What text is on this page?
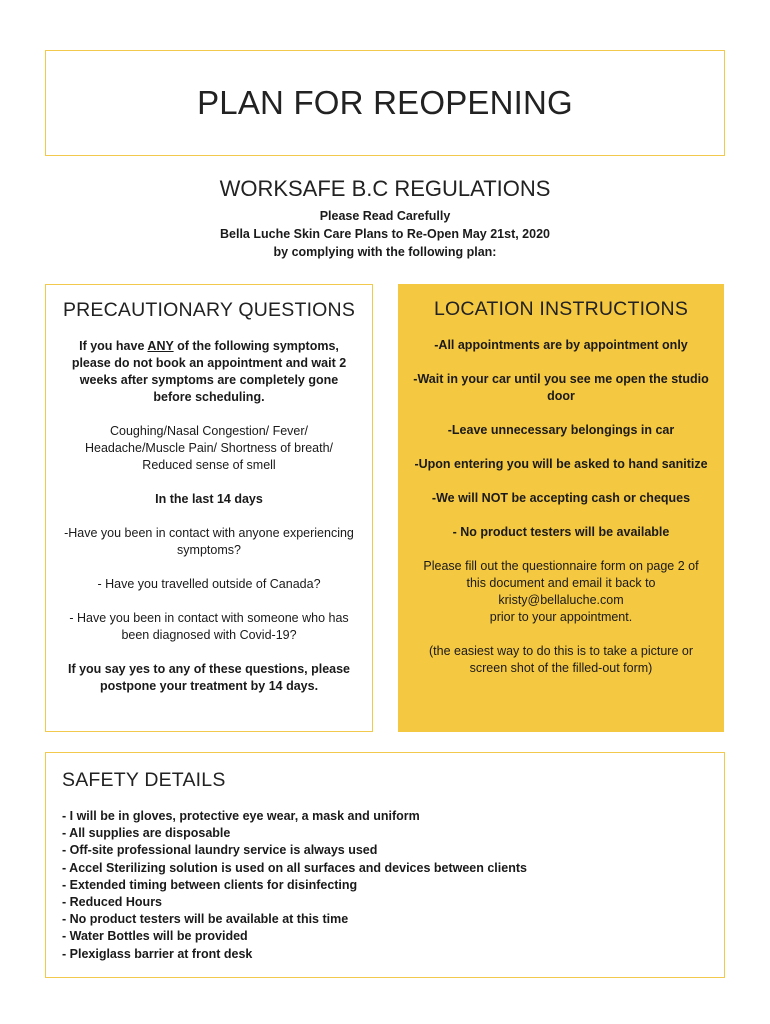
PLAN FOR REOPENING
WORKSAFE B.C REGULATIONS

Please Read Carefully

Bella Luche Skin Care Plans to Re-Open May 21st, 2020

by complying with the following plan:

PRECAUTIONARY QUESTIONS

If you have ANY of the following symptoms, please do not book an appointment and wait 2 weeks after symptoms are completely gone before scheduling.

Coughing/Nasal Congestion/ Fever/ Headache/Muscle Pain/ Shortness of breath/ Reduced sense of smell

In the last 14 days

-Have you been in contact with anyone experiencing symptoms?

- Have you travelled outside of Canada?

- Have you been in contact with someone who has been diagnosed with Covid-19?

If you say yes to any of these questions, please postpone your treatment by 14 days.

LOCATION INSTRUCTIONS

-All appointments are by appointment only

-Wait in your car until you see me open the studio door

-Leave unnecessary belongings in car

-Upon entering you will be asked to hand sanitize

-We will NOT be accepting cash or cheques

- No product testers will be available

Please fill out the questionnaire form on page 2 of this document and email it back to
kristy@bellaluche.com
prior to your appointment.

(the easiest way to do this is to take a picture or screen shot of the filled-out form)

SAFETY DETAILS
- I will be in gloves, protective eye wear, a mask and uniform
- All supplies are disposable
- Off-site professional laundry service is always used
- Accel Sterilizing solution is used on all surfaces and devices between clients
- Extended timing between clients for disinfecting
- Reduced Hours
- No product testers will be available at this time
- Water Bottles will be provided
- Plexiglass barrier at front desk
